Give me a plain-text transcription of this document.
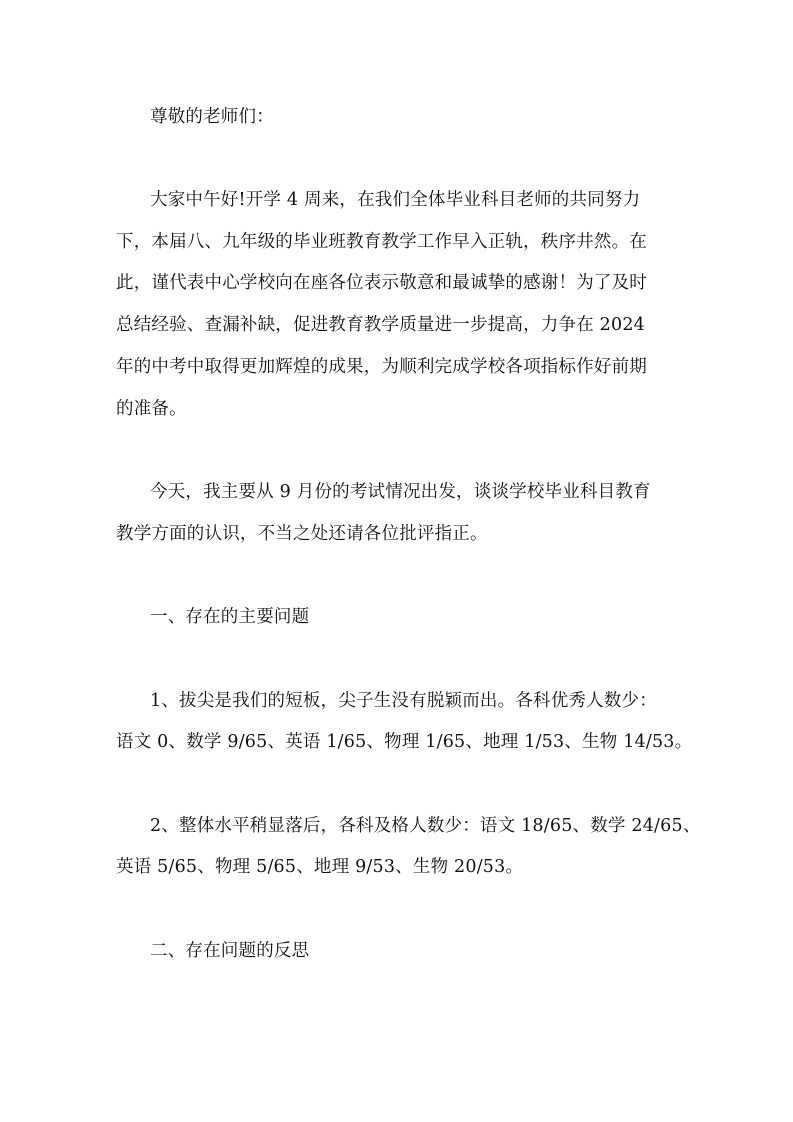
尊敬的老师们：
大家中午好!开学 4 周来，在我们全体毕业科目老师的共同努力
下，本届八、九年级的毕业班教育教学工作早入正轨，秩序井然。在
此，谨代表中心学校向在座各位表示敬意和最诚挚的感谢！为了及时
总结经验、查漏补缺，促进教育教学质量进一步提高，力争在 2024
年的中考中取得更加辉煌的成果，为顺利完成学校各项指标作好前期
的准备。
今天，我主要从 9 月份的考试情况出发，谈谈学校毕业科目教育
教学方面的认识，不当之处还请各位批评指正。
一、存在的主要问题
1、拔尖是我们的短板，尖子生没有脱颖而出。各科优秀人数少：
语文 0、数学 9/65、英语 1/65、物理 1/65、地理 1/53、生物 14/53。
2、整体水平稍显落后，各科及格人数少：语文 18/65、数学 24/65、
英语 5/65、物理 5/65、地理 9/53、生物 20/53。
二、存在问题的反思
